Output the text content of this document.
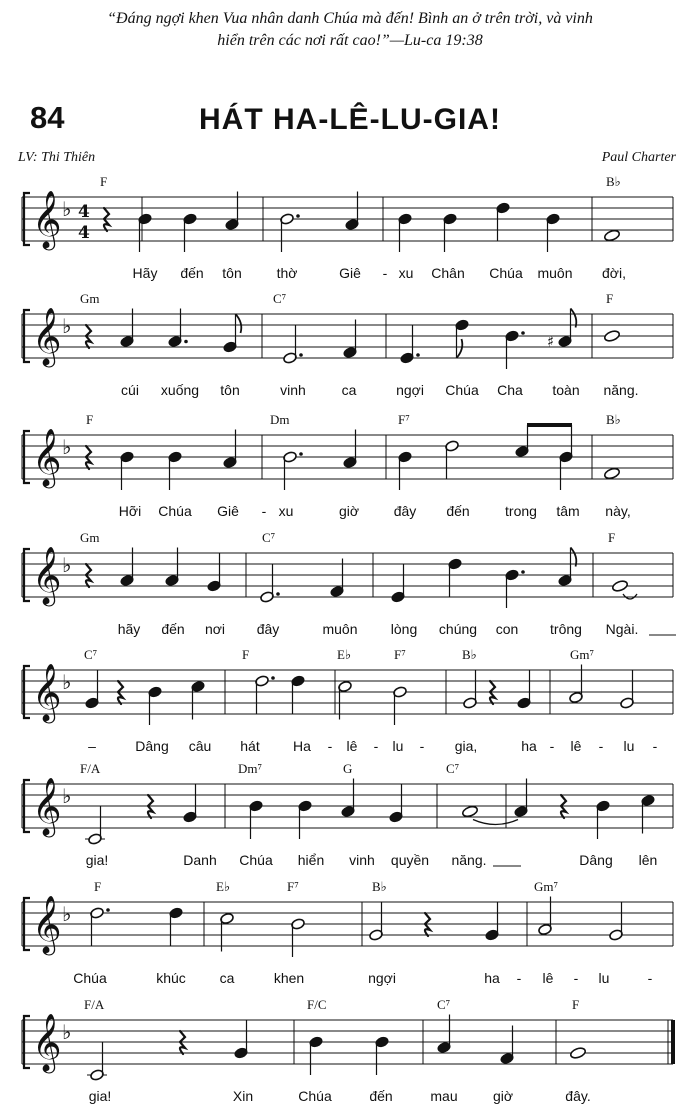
“Đáng ngợi khen Vua nhân danh Chúa mà đến! Bình an ở trên trời, và vinh
hiển trên các nơi rất cao!”—Lu-ca 19:38
84	HÁT HA-LÊ-LU-GIA!
LV: Thi Thiên	Paul Charter
𝄞 ♭ 4
4
F	B♭
Hãy đến tôn thờ	Giê - xu Chân Chúa muôn đời,
𝄞 ♭
♯
Gm	C⁷	F
cúi xuống tôn	vinh	ca	ngợi Chúa Cha toàn năng.
𝄞 ♭
F	Dm	F⁷	B♭
Hỡi Chúa Giê - xu	giờ đây đến	trong tâm này,
𝄞 ♭
Gm	C⁷	F
hãy đến nơi đây	muôn lòng chúng con trông Ngài.
𝄞 ♭
C⁷	F	E♭	F⁷	B♭	Gm⁷
–	Dâng câu hát Ha - lê - lu - gia,	ha - lê - lu -
𝄞 ♭
F/A	Dm⁷	G	C⁷
gia!	Danh Chúa hiển vinh quyền năng.	Dâng lên
𝄞 ♭
F	E♭	F⁷	B♭	Gm⁷
Chúa	khúc ca	khen	ngợi	ha - lê - lu	-
𝄞 ♭
F/A	F/C	C⁷	F
gia!	Xin	Chúa	đến	mau	giờ	đây.
